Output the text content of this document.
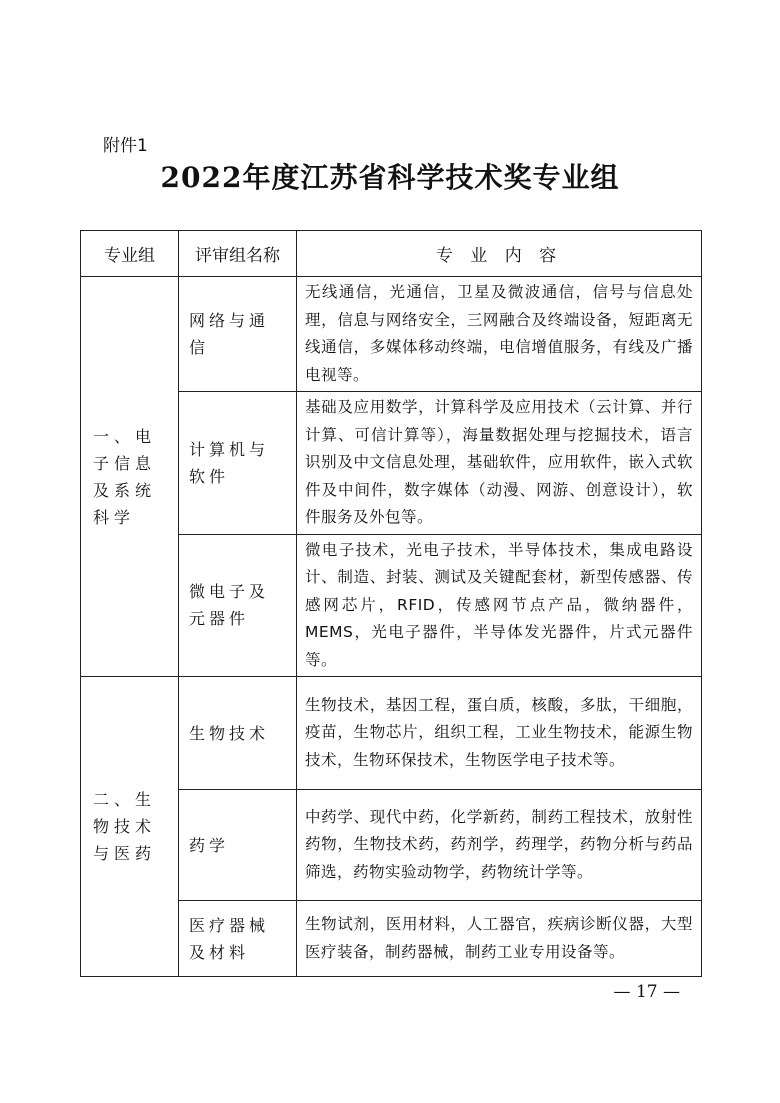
附件1
2022年度江苏省科学技术奖专业组
专业组	评审组名称	专 业 内 容
一、电子信息及系统科学	网络与通信	无线通信，光通信，卫星及微波通信，信号与信息处理，信息与网络安全，三网融合及终端设备，短距离无线通信，多媒体移动终端，电信增值服务，有线及广播电视等。
	计算机与软件	基础及应用数学，计算科学及应用技术（云计算、并行计算、可信计算等），海量数据处理与挖掘技术，语言识别及中文信息处理，基础软件，应用软件，嵌入式软件及中间件，数字媒体（动漫、网游、创意设计），软件服务及外包等。
	微电子及元器件	微电子技术，光电子技术，半导体技术，集成电路设计、制造、封装、测试及关键配套材，新型传感器、传感网芯片，RFID，传感网节点产品，微纳器件，MEMS，光电子器件，半导体发光器件，片式元器件等。
二、生物技术与医药	生物技术	生物技术，基因工程，蛋白质，核酸，多肽，干细胞，疫苗，生物芯片，组织工程，工业生物技术，能源生物技术，生物环保技术，生物医学电子技术等。
	药学	中药学、现代中药，化学新药，制药工程技术，放射性药物，生物技术药，药剂学，药理学，药物分析与药品筛选，药物实验动物学，药物统计学等。
	医疗器械及材料	生物试剂，医用材料，人工器官，疾病诊断仪器，大型医疗装备，制药器械，制药工业专用设备等。
— 17 —
